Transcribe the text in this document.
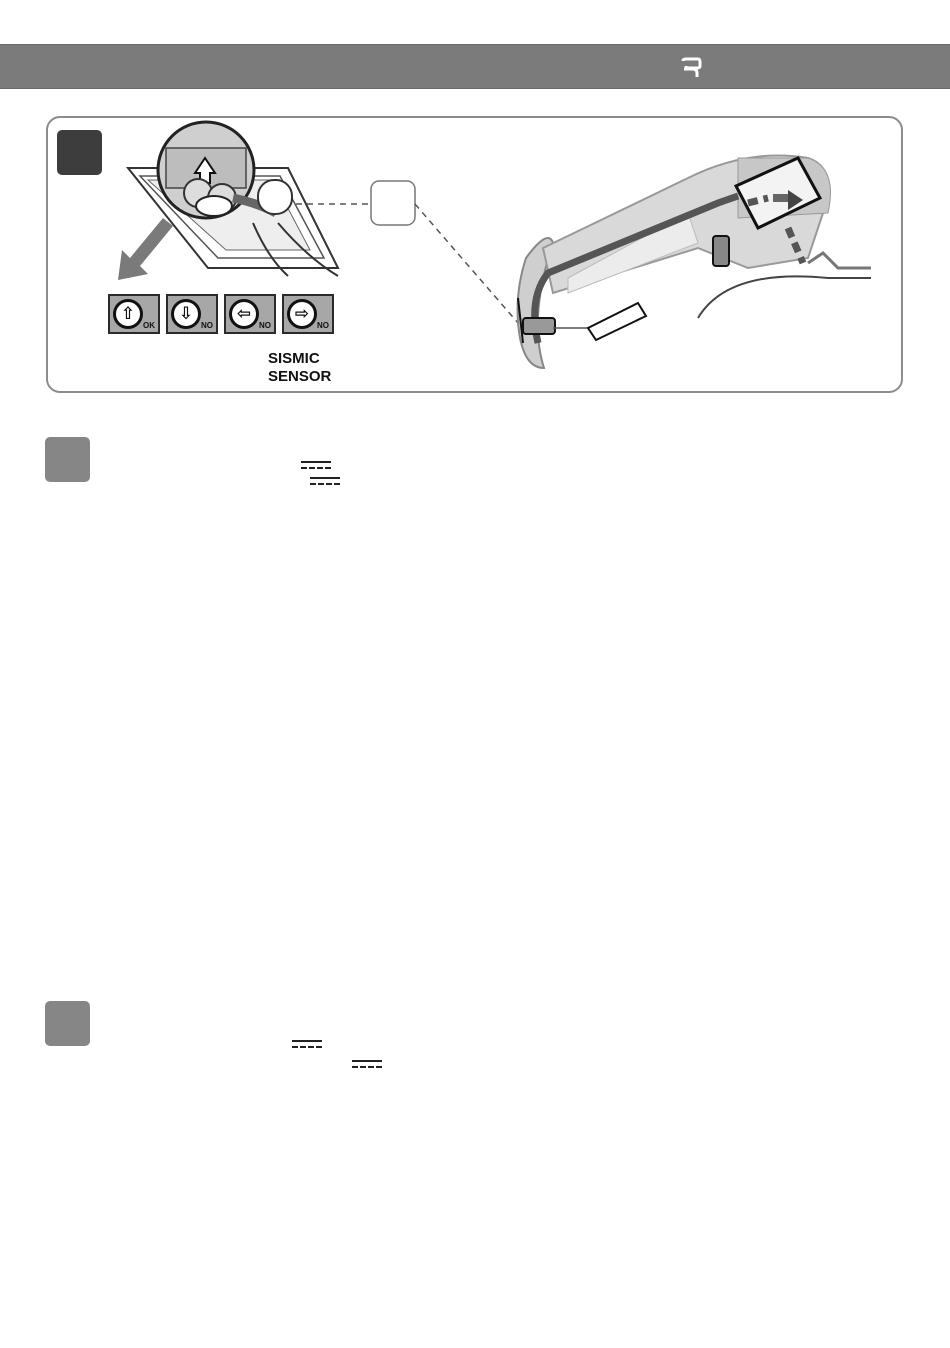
⇧
OK
⇩
NO
⇦
NO
⇨
NO
SISMIC
SENSOR
